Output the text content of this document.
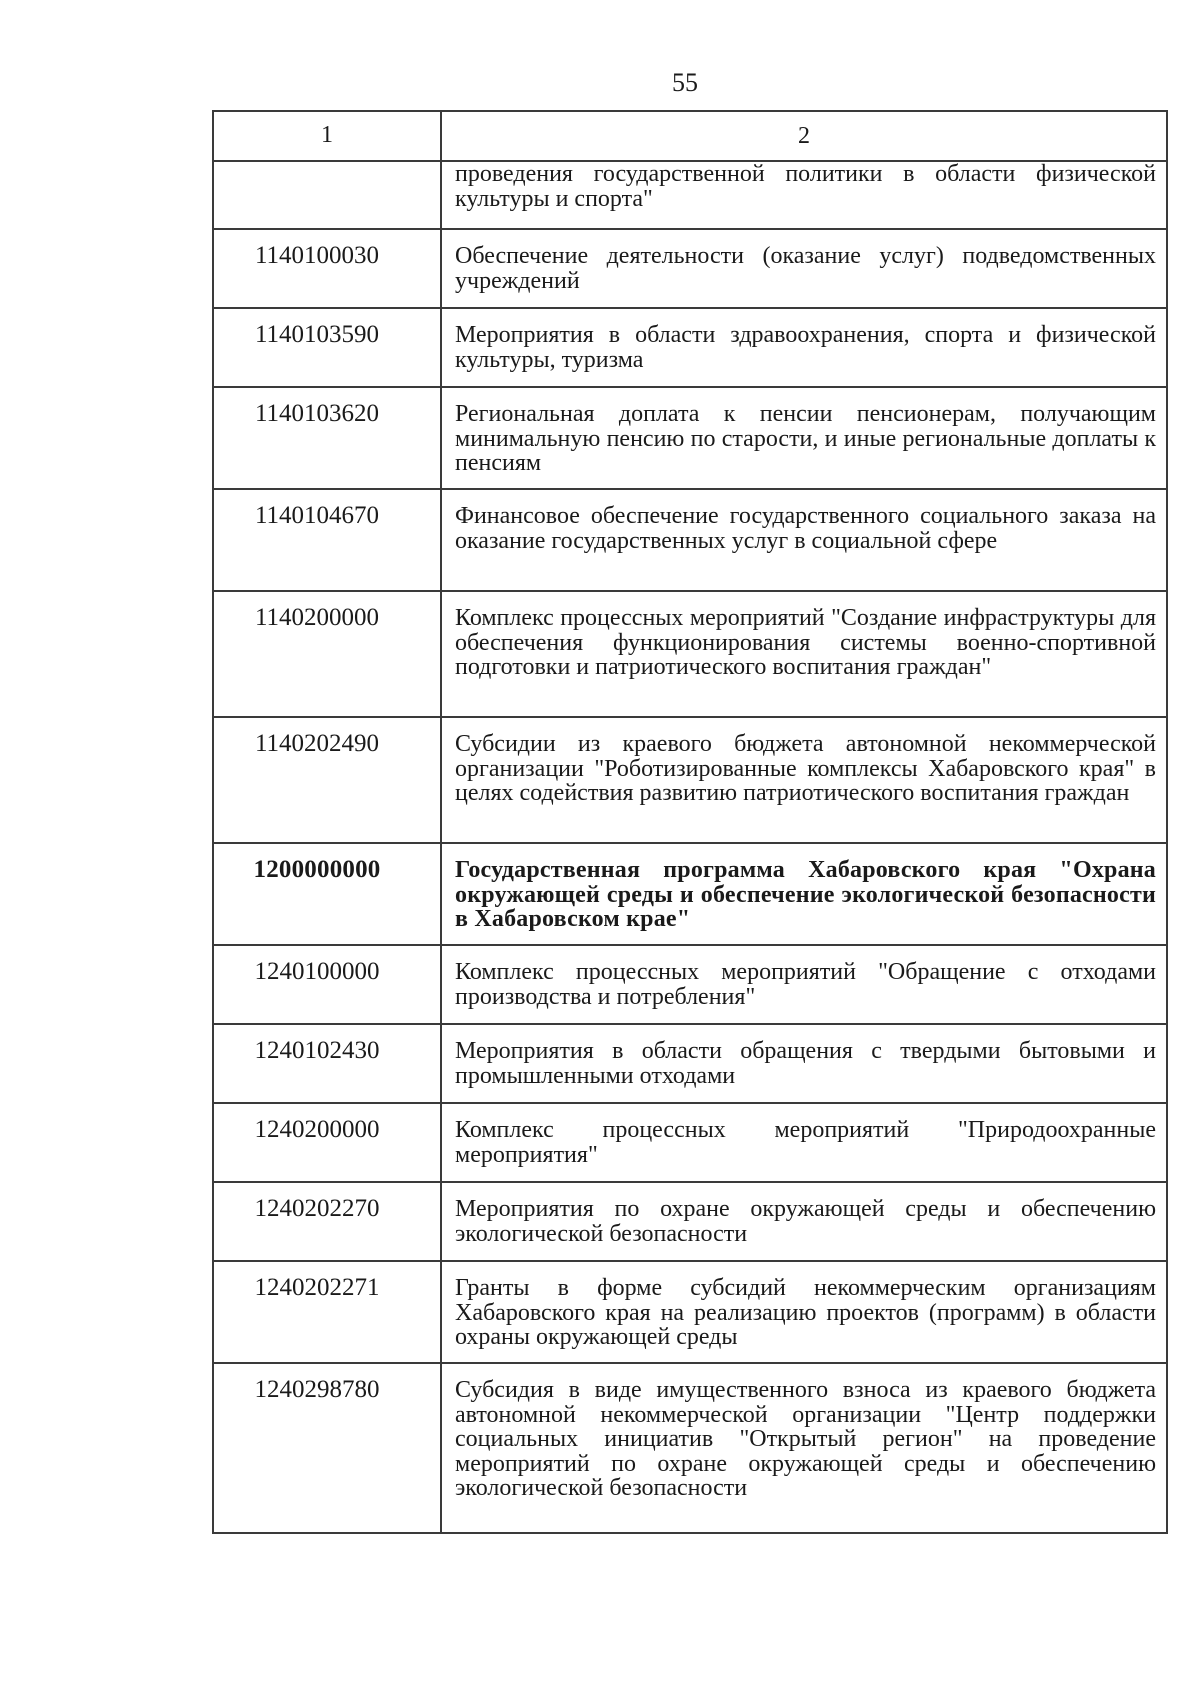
55
1	2
	проведения государственной политики в области физической культуры и спорта"
1140100030	Обеспечение деятельности (оказание услуг) подведомственных учреждений
1140103590	Мероприятия в области здравоохранения, спорта и физической культуры, туризма
1140103620	Региональная доплата к пенсии пенсионерам, получающим минимальную пенсию по старости, и иные региональные доплаты к пенсиям
1140104670	Финансовое обеспечение государственного социального заказа на оказание государственных услуг в социальной сфере
1140200000	Комплекс процессных мероприятий "Создание инфраструктуры для обеспечения функционирования системы военно-спортивной подготовки и патриотического воспитания граждан"
1140202490	Субсидии из краевого бюджета автономной некоммерческой организации "Роботизированные комплексы Хабаровского края" в целях содействия развитию патриотического воспитания граждан
1200000000	Государственная программа Хабаровского края "Охрана окружающей среды и обеспечение экологической безопасности в Хабаровском крае"
1240100000	Комплекс процессных мероприятий "Обращение с отходами производства и потребления"
1240102430	Мероприятия в области обращения с твердыми бытовыми и промышленными отходами
1240200000	Комплекс процессных мероприятий "Природоохранные мероприятия"
1240202270	Мероприятия по охране окружающей среды и обеспечению экологической безопасности
1240202271	Гранты в форме субсидий некоммерческим организациям Хабаровского края на реализацию проектов (программ) в области охраны окружающей среды
1240298780	Субсидия в виде имущественного взноса из краевого бюджета автономной некоммерческой организации "Центр поддержки социальных инициатив "Открытый регион" на проведение мероприятий по охране окружающей среды и обеспечению экологической безопасности
